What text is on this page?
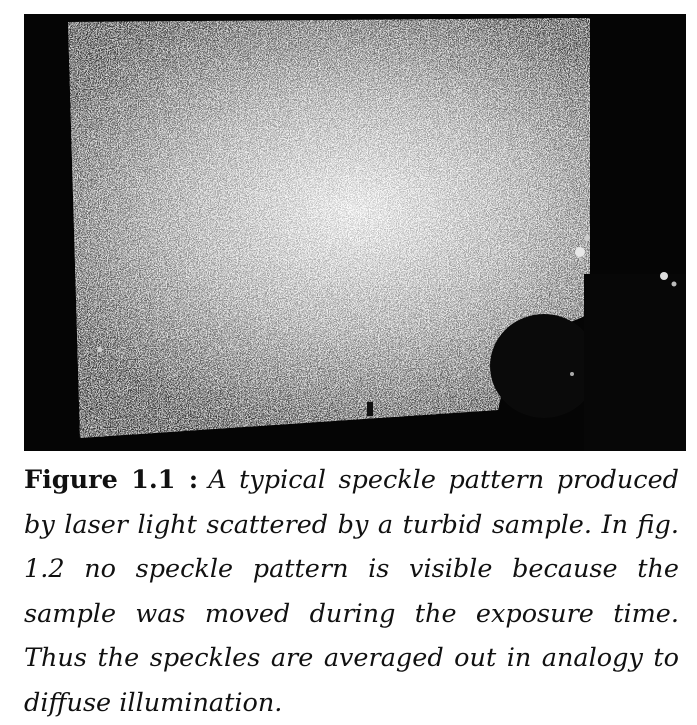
Figure 1.1 : A typical speckle pattern produced by laser light scattered by a turbid sample. In fig. 1.2 no speckle pattern is visible because the sample was moved during the exposure time. Thus the speckles are averaged out in analogy to diffuse illumination.
